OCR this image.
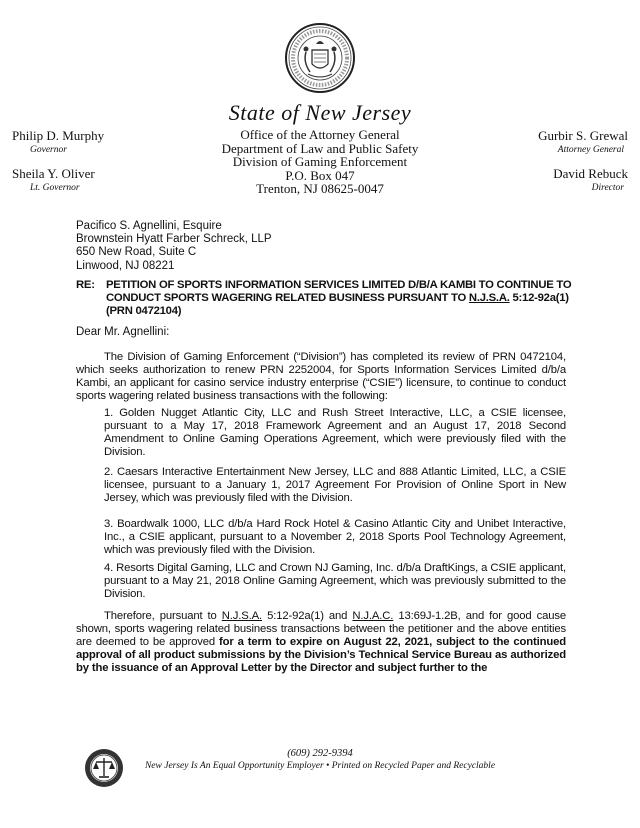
State of New Jersey
Philip D. Murphy
Governor
Sheila Y. Oliver
Lt. Governor
Office of the Attorney General
Department of Law and Public Safety
Division of Gaming Enforcement
P.O. Box 047
Trenton, NJ 08625-0047
Gurbir S. Grewal
Attorney General
David Rebuck
Director
Pacifico S. Agnellini, Esquire
Brownstein Hyatt Farber Schreck, LLP
650 New Road, Suite C
Linwood, NJ 08221
RE: PETITION OF SPORTS INFORMATION SERVICES LIMITED D/B/A KAMBI TO CONTINUE TO CONDUCT SPORTS WAGERING RELATED BUSINESS PURSUANT TO N.J.S.A. 5:12-92a(1) (PRN 0472104)
Dear Mr. Agnellini:
The Division of Gaming Enforcement (“Division”) has completed its review of PRN 0472104, which seeks authorization to renew PRN 2252004, for Sports Information Services Limited d/b/a Kambi, an applicant for casino service industry enterprise (“CSIE”) licensure, to continue to conduct sports wagering related business transactions with the following:
1. Golden Nugget Atlantic City, LLC and Rush Street Interactive, LLC, a CSIE licensee, pursuant to a May 17, 2018 Framework Agreement and an August 17, 2018 Second Amendment to Online Gaming Operations Agreement, which were previously filed with the Division.
2. Caesars Interactive Entertainment New Jersey, LLC and 888 Atlantic Limited, LLC, a CSIE licensee, pursuant to a January 1, 2017 Agreement For Provision of Online Sport in New Jersey, which was previously filed with the Division.
3. Boardwalk 1000, LLC d/b/a Hard Rock Hotel & Casino Atlantic City and Unibet Interactive, Inc., a CSIE applicant, pursuant to a November 2, 2018 Sports Pool Technology Agreement, which was previously filed with the Division.
4. Resorts Digital Gaming, LLC and Crown NJ Gaming, Inc. d/b/a DraftKings, a CSIE applicant, pursuant to a May 21, 2018 Online Gaming Agreement, which was previously submitted to the Division.
Therefore, pursuant to N.J.S.A. 5:12-92a(1) and N.J.A.C. 13:69J-1.2B, and for good cause shown, sports wagering related business transactions between the petitioner and the above entities are deemed to be approved for a term to expire on August 22, 2021, subject to the continued approval of all product submissions by the Division’s Technical Service Bureau as authorized by the issuance of an Approval Letter by the Director and subject further to the
(609) 292-9394
New Jersey Is An Equal Opportunity Employer • Printed on Recycled Paper and Recyclable
